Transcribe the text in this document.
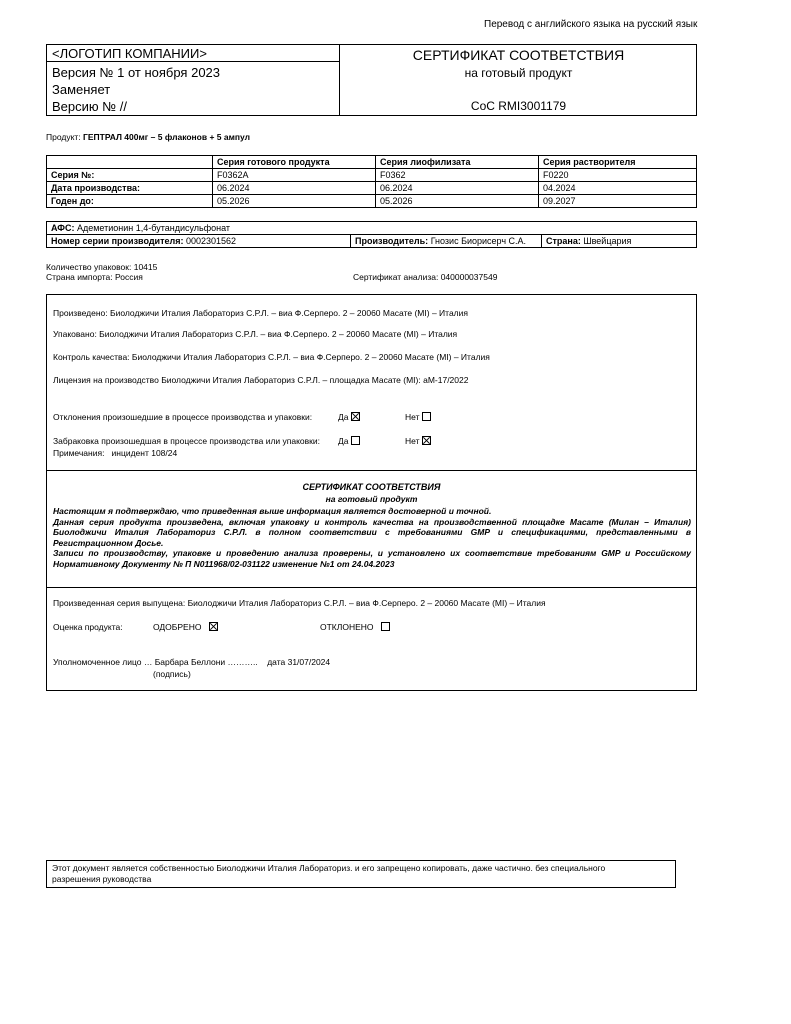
Перевод с английского языка на русский язык
<ЛОГОТИП КОМПАНИИ>
Версия № 1 от ноября 2023
Заменяет
Версию № //
СЕРТИФИКАТ СООТВЕТСТВИЯ
на готовый продукт
CoC RMI3001179
Продукт: ГЕПТРАЛ 400мг – 5 флаконов + 5 ампул
	Серия готового продукта	Серия лиофилизата	Серия растворителя
Серия №:	F0362A	F0362	F0220
Дата производства:	06.2024	06.2024	04.2024
Годен до:	05.2026	05.2026	09.2027
АФС: Адеметионин 1,4-бутандисульфонат
Номер серии производителя: 0002301562	Производитель: Гнозис Биорисерч С.А.	Страна: Швейцария
Количество упаковок: 10415
Страна импорта: Россия	Сертификат анализа: 040000037549
Произведено: Биолоджичи Италия Лабораториз С.Р.Л. – виа Ф.Серперо. 2 – 20060 Масате (MI) – Италия
Упаковано: Биолоджичи Италия Лабораториз С.Р.Л. – виа Ф.Серперо. 2 – 20060 Масате (MI) – Италия
Контроль качества: Биолоджичи Италия Лабораториз С.Р.Л. – виа Ф.Серперо. 2 – 20060 Масате (MI) – Италия
Лицензия на производство Биолоджичи Италия Лабораториз С.Р.Л. – площадка Масате (MI): aM-17/2022
Отклонения произошедшие в процессе производства и упаковки:	Да	Нет
Забраковка произошедшая в процессе производства или упаковки: Да	Нет
Примечания:   инцидент 108/24
СЕРТИФИКАТ СООТВЕТСТВИЯ
на готовый продукт
Настоящим я подтверждаю, что приведенная выше информация является достоверной и точной.
Данная серия продукта произведена, включая упаковку и контроль качества на производственной площадке Масате (Милан – Италия) Биолоджичи Италия Лабораториз С.Р.Л. в полном соответствии с требованиями GMP и спецификациями, представленными в Регистрационном Досье.
Записи по производству, упаковке и проведению анализа проверены, и установлено их соответствие требованиям GMP и Российскому Нормативному Документу № П N011968/02-031122 изменение №1 от 24.04.2023
Произведенная серия выпущена: Биолоджичи Италия Лабораториз С.Р.Л. – виа Ф.Серперо. 2 – 20060 Масате (MI) – Италия
Оценка продукта:	ОДОБРЕНО	ОТКЛОНЕНО
Уполномоченное лицо … Барбара Беллони ………..    дата 31/07/2024
(подпись)
Этот документ является собственностью Биолоджичи Италия Лабораториз. и его запрещено копировать, даже частично. без специального разрешения руководства
